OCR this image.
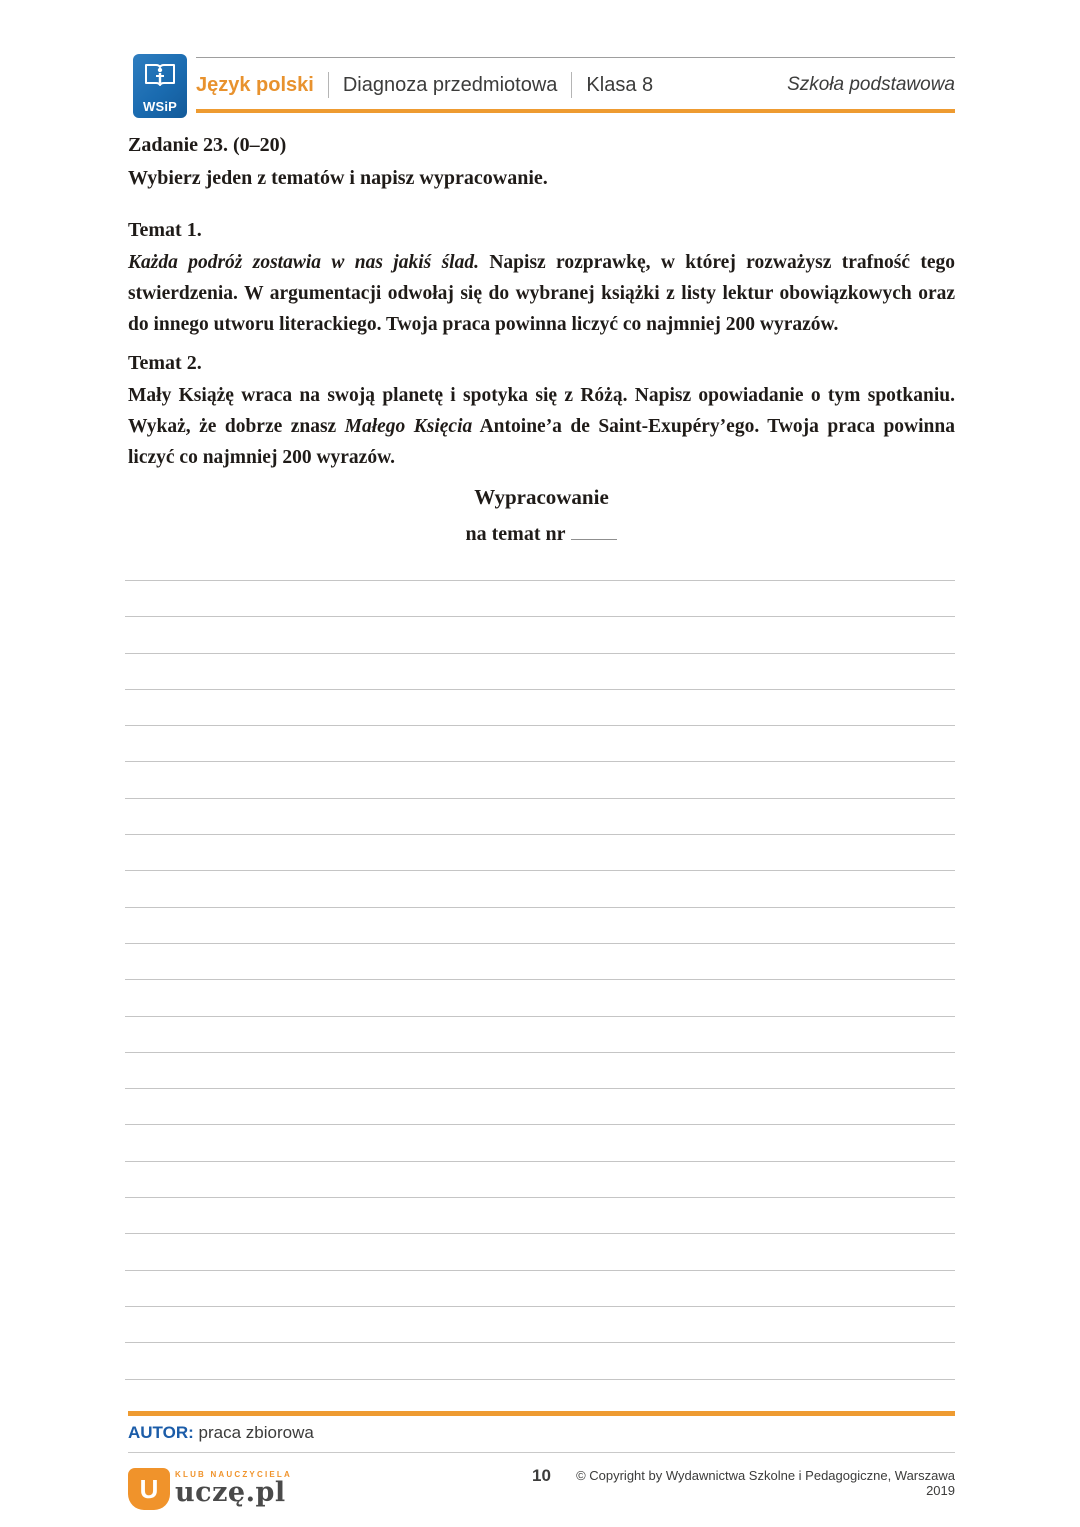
WSiP
Język polski Diagnoza przedmiotowa Klasa 8	Szkoła podstawowa
Zadanie 23. (0–20)
Wybierz jeden z tematów i napisz wypracowanie.
Temat 1.
Każda podróż zostawia w nas jakiś ślad. Napisz rozprawkę, w której rozważysz trafność tego stwierdzenia. W argumentacji odwołaj się do wybranej książki z listy lektur obowiązkowych oraz do innego utworu literackiego. Twoja praca powinna liczyć co najmniej 200 wyrazów.
Temat 2.
Mały Książę wraca na swoją planetę i spotyka się z Różą. Napisz opowiadanie o tym spotkaniu. Wykaż, że dobrze znasz Małego Księcia Antoine’a de Saint-Exupéry’ego. Twoja praca powinna liczyć co najmniej 200 wyrazów.
Wypracowanie
na temat nr
AUTOR: praca zbiorowa
U KLUB NAUCZYCIELA
uczę.pl
10	© Copyright by Wydawnictwa Szkolne i Pedagogiczne, Warszawa 2019
